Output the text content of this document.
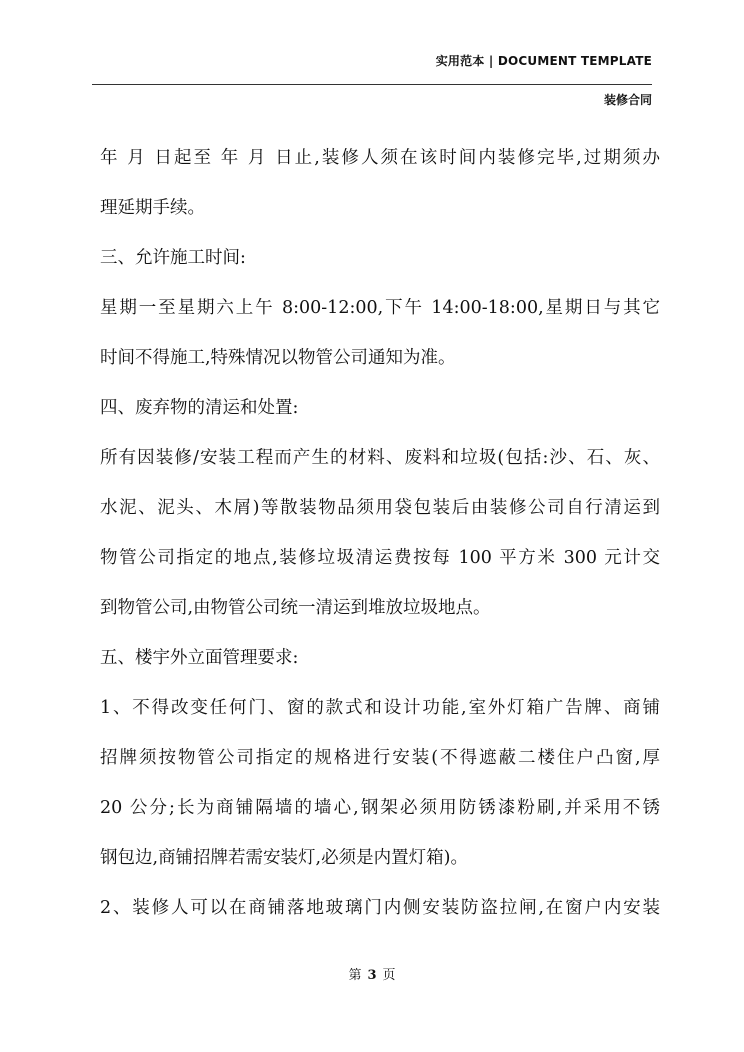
实用范本 | DOCUMENT TEMPLATE
装修合同
年 月 日起至 年 月 日止,装修人须在该时间内装修完毕,过期须办
理延期手续。
三、允许施工时间:
星期一至星期六上午 8:00-12:00,下午 14:00-18:00,星期日与其它
时间不得施工,特殊情况以物管公司通知为准。
四、废弃物的清运和处置:
所有因装修/安装工程而产生的材料、废料和垃圾(包括:沙、石、灰、
水泥、泥头、木屑)等散装物品须用袋包装后由装修公司自行清运到
物管公司指定的地点,装修垃圾清运费按每 100 平方米 300 元计交
到物管公司,由物管公司统一清运到堆放垃圾地点。
五、楼宇外立面管理要求:
1、不得改变任何门、窗的款式和设计功能,室外灯箱广告牌、商铺
招牌须按物管公司指定的规格进行安装(不得遮蔽二楼住户凸窗,厚
20 公分;长为商铺隔墙的墙心,钢架必须用防锈漆粉刷,并采用不锈
钢包边,商铺招牌若需安装灯,必须是内置灯箱)。
2、装修人可以在商铺落地玻璃门内侧安装防盗拉闸,在窗户内安装
第 3 页
